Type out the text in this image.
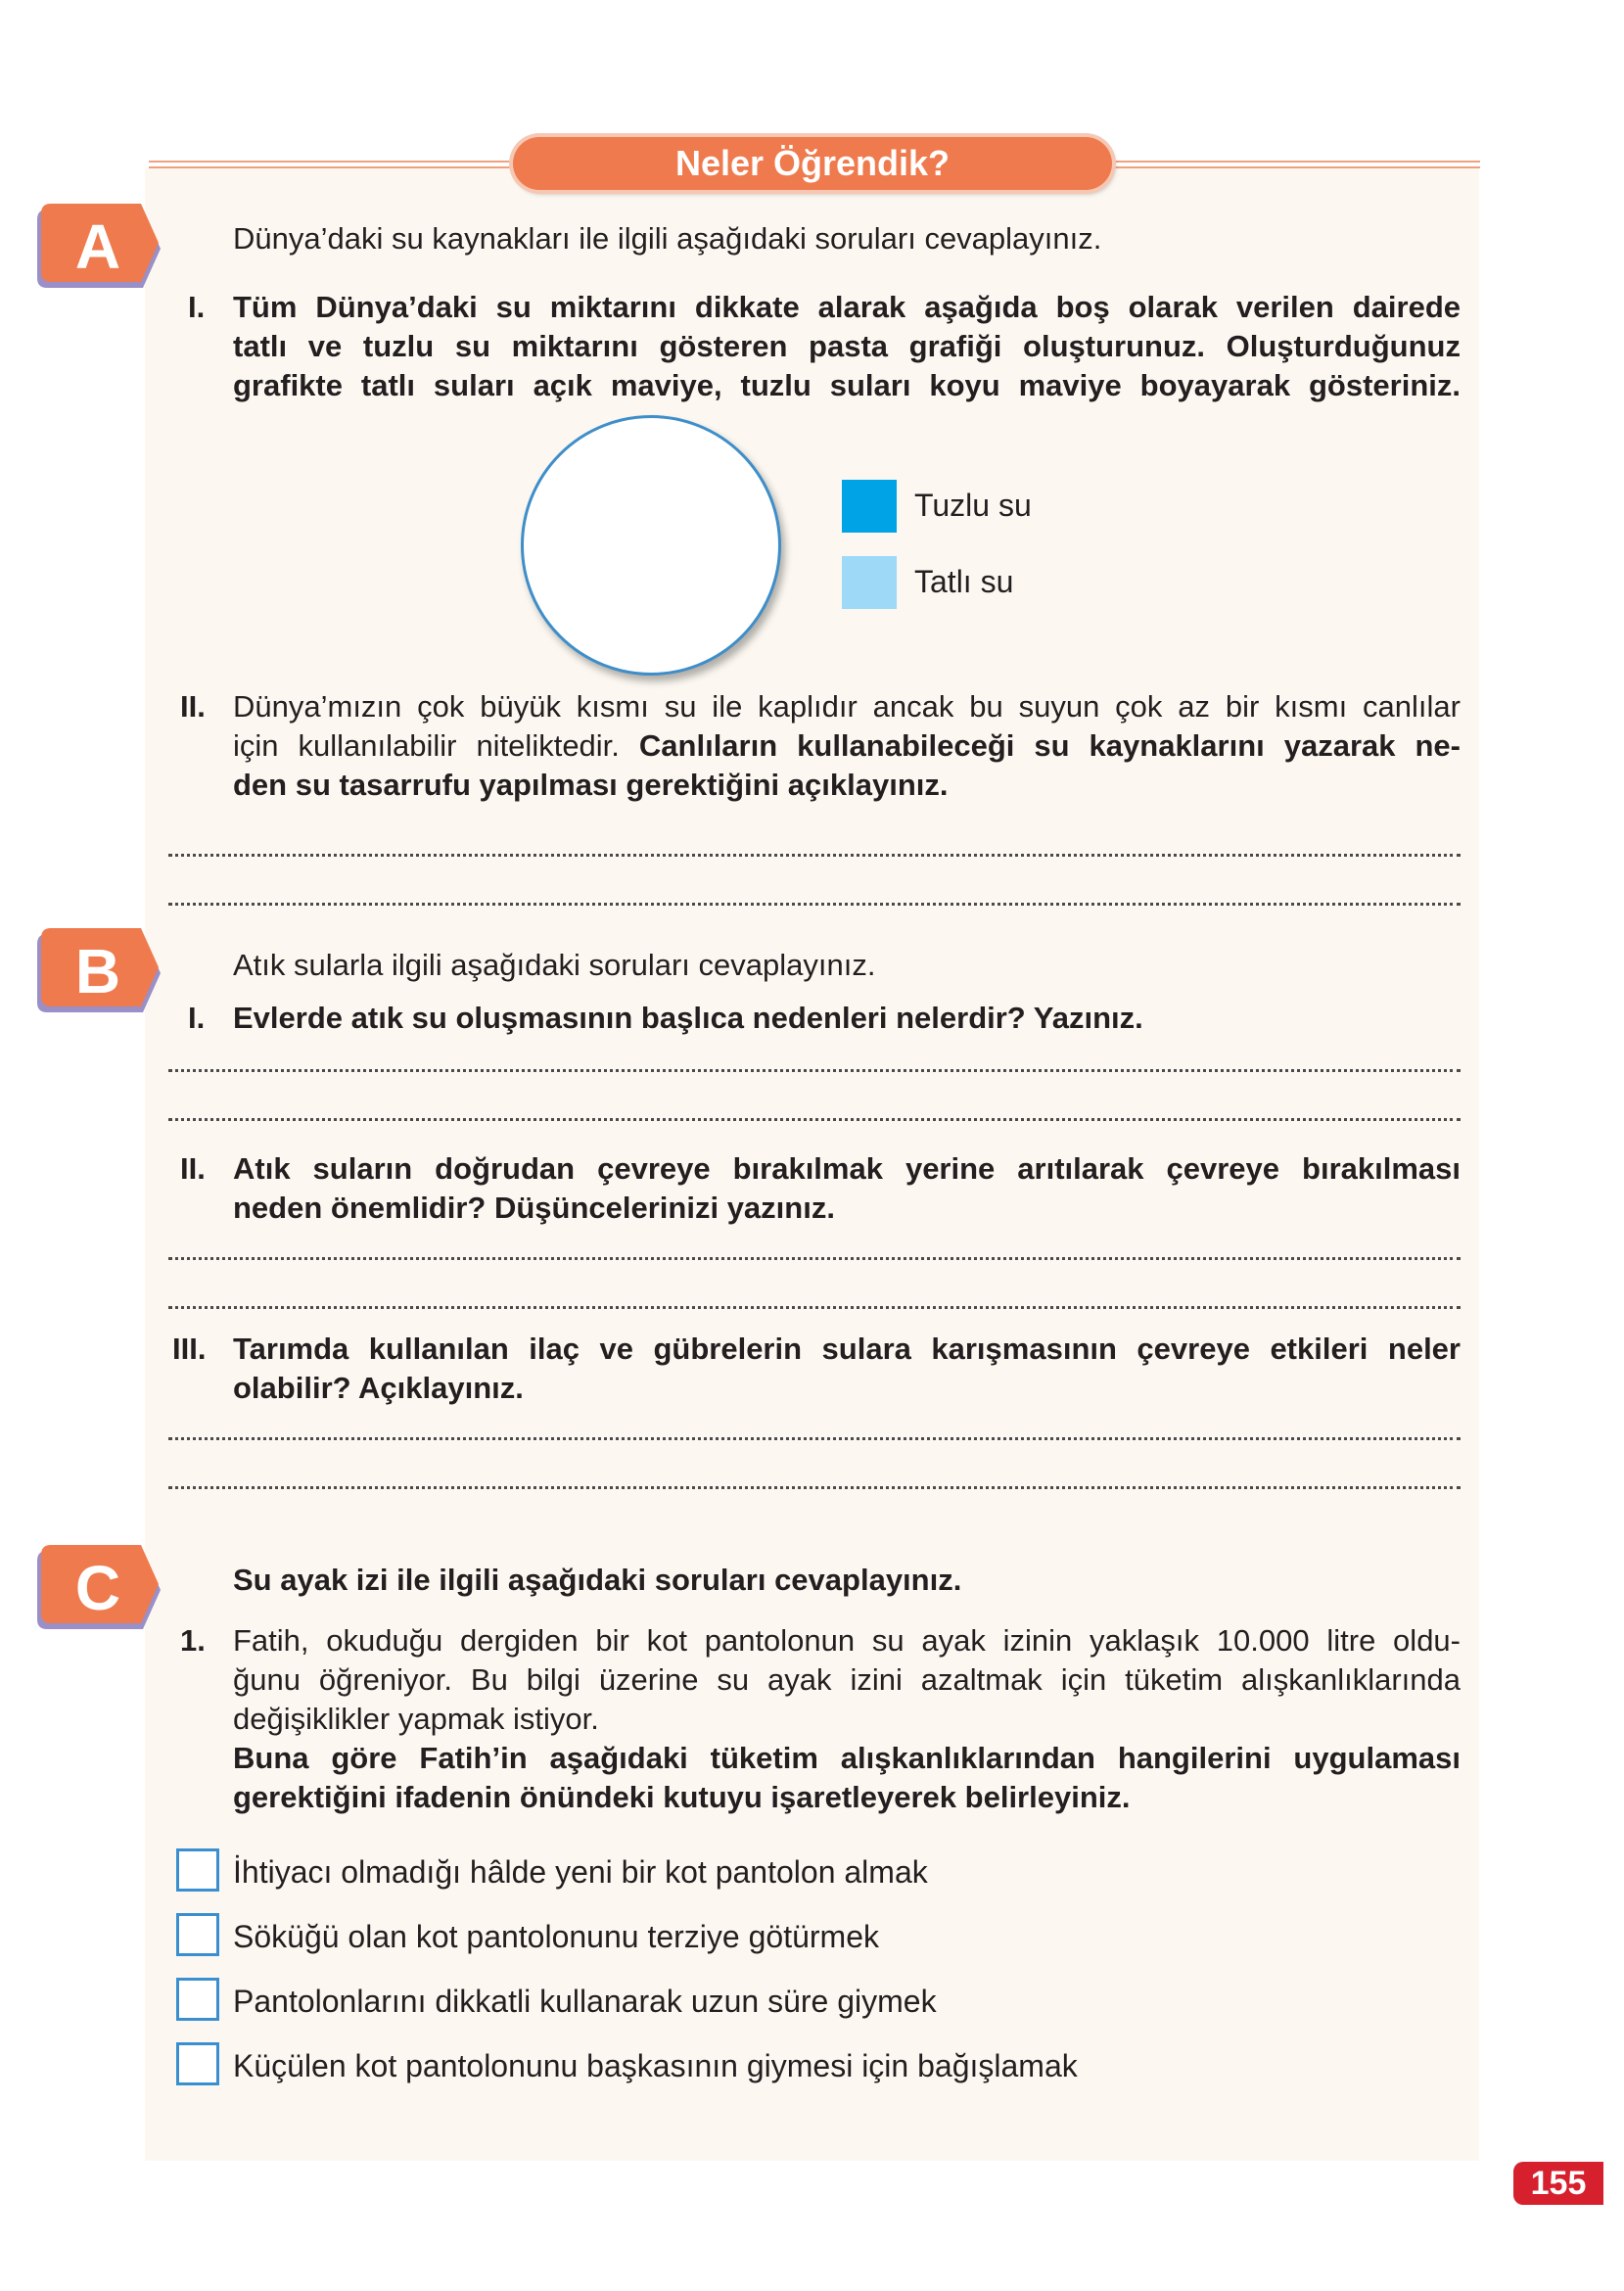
Neler Öğrendik?
A	Dünya’daki su kaynakları ile ilgili aşağıdaki soruları cevaplayınız.
I. Tüm Dünya’daki su miktarını dikkate alarak aşağıda boş olarak verilen dairede
tatlı ve tuzlu su miktarını gösteren pasta grafiği oluşturunuz. Oluşturduğunuz
grafikte tatlı suları açık maviye, tuzlu suları koyu maviye boyayarak gösteriniz.
Tuzlu su
Tatlı su
II. Dünya’mızın çok büyük kısmı su ile kaplıdır ancak bu suyun çok az bir kısmı canlılar
için kullanılabilir niteliktedir. Canlıların kullanabileceği su kaynaklarını yazarak ne-
den su tasarrufu yapılması gerektiğini açıklayınız.
B	Atık sularla ilgili aşağıdaki soruları cevaplayınız.
I. Evlerde atık su oluşmasının başlıca nedenleri nelerdir? Yazınız.
II. Atık suların doğrudan çevreye bırakılmak yerine arıtılarak çevreye bırakılması
neden önemlidir? Düşüncelerinizi yazınız.
III. Tarımda kullanılan ilaç ve gübrelerin sulara karışmasının çevreye etkileri neler
olabilir? Açıklayınız.
C	Su ayak izi ile ilgili aşağıdaki soruları cevaplayınız.
1. Fatih, okuduğu dergiden bir kot pantolonun su ayak izinin yaklaşık 10.000 litre oldu-
ğunu öğreniyor. Bu bilgi üzerine su ayak izini azaltmak için tüketim alışkanlıklarında
değişiklikler yapmak istiyor.
Buna göre Fatih’in aşağıdaki tüketim alışkanlıklarından hangilerini uygulaması
gerektiğini ifadenin önündeki kutuyu işaretleyerek belirleyiniz.
İhtiyacı olmadığı hâlde yeni bir kot pantolon almak
Söküğü olan kot pantolonunu terziye götürmek
Pantolonlarını dikkatli kullanarak uzun süre giymek
Küçülen kot pantolonunu başkasının giymesi için bağışlamak
155
